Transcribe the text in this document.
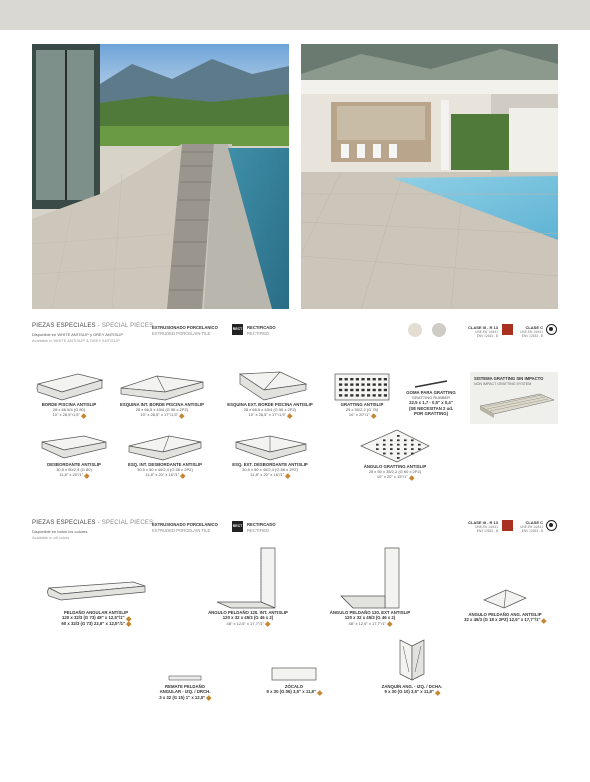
PIEZAS ESPECIALES - SPECIAL PIECES
Disponible en WHITE ANTISLIP y GREY ANTISLIP
Available in WHITE ANTISLIP & GREY ANTISLIP
EXTRUSIONADO PORCELANICO
EXTRUDED PORCELAIN TILE
RECT RECTIFICADO
RECTIFIED
CLASE III - R 13
UNE-EN 14/441
ENV 12633 - B
CLASE C
UNE-EN 14/441
ENV 12633 - B
BORDE PISCINA ANTISLIP
28 x 66,5/4 (G 80)
10" x 26,5"/1,5"
ESQUINA INT. BORDE PISCINA ANTISLIP
28 x 66,5 x 43/4 (G 56 x 2PZ)
10" x 26,5" x 17"/1,5"
ESQUINA EXT. BORDE PISCINA ANTISLIP
28 x 66,5 x 43/4 (G 56 x 2PZ)
10" x 26,5" x 17"/1,5"
GRATTING ANTISLIP
25 x 50/2,2 (G 78)
10" x 20"/1"
GOMA PARA GRATTING
GRATTING RUBBER
22,5 x 1,7 - 0,5" x 0,4"
(SE NECESITAN 2 ud.
POR GRATTING)
SISTEMA GRATTING SIN IMPACTO
NON IMPACT GRATTING SYSTEM
DESBORDANTE ANTISLIP
30,5 x 50/2,4 (G 80)
11,8" x 20"/1"
ESQ. INT. DESBORDANTE ANTISLIP
30,5 x 50 x 40/2,4 (G 56 x 2PZ)
11,8" x 20" x 16"/1"
ESQ. EXT. DESBORDANTE ANTISLIP
30,5 x 50 x 40/2,4 (G 56 x 2PZ)
11,8" x 20" x 16"/1"
ÁNGULO GRATTING ANTISLIP
25 x 50 x 35/2,2 (G 60 x 2PZ)
10" x 20" x 15"/1"
PIEZAS ESPECIALES - SPECIAL PIECES
Disponible en todos los colores
Available in all colors
EXTRUSIONADO PORCELANICO
EXTRUDED PORCELAIN TILE
RECT RECTIFICADO
RECTIFIED
CLASE III - R 13
UNE-EN 14/441
ENV 12633 - B
CLASE C
UNE-EN 14/441
ENV 12633 - B
PELDAÑO ANGULAR ANTISLIP
120 x 32/3 (G 73) 48" x 12,5"/1"
60 x 32/3 (G 73) 23,6" x 12,5"/1"
ÁNGULO PELDAÑO 120. INT. ANTISLIP
120 x 32 x 45/3 (G 46 x 2)
48" x 12,5" x 17,7"/1"
ÁNGULO PELDAÑO 120. EXT ANTISLIP
120 x 32 x 45/3 (G 46 x 2)
48" x 12,5" x 17,7"/1"
ÁNGULO PELDAÑO ANG. ANTISLIP
32 x 45/3 (G 18 x 2PZ) 12,5" x 17,7"/1"
REMATE PELDAÑO
ANGULAR - IZQ. / DRCH.
3 x 32 (G 15) 1" x 12,5"
ZÓCALO
9 x 30 (G 06) 3,5" x 11,8"
ZANQUÍN ANG. - IZQ. / DCHA.
9 x 30 (G 10) 3,5" x 11,8"
